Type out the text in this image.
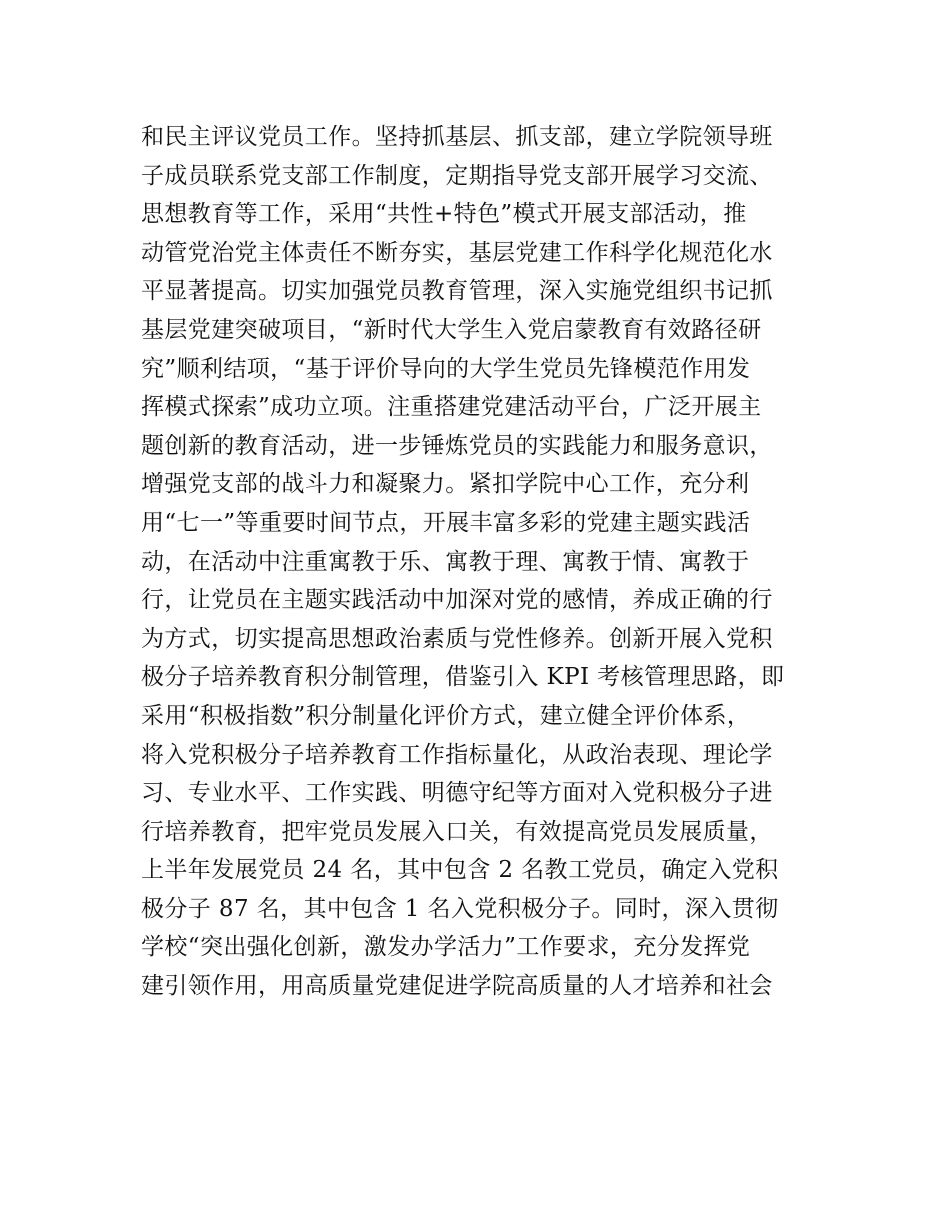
和民主评议党员工作。坚持抓基层、抓支部，建立学院领导班
子成员联系党支部工作制度，定期指导党支部开展学习交流、
思想教育等工作，采用“共性+特色”模式开展支部活动，推
动管党治党主体责任不断夯实，基层党建工作科学化规范化水
平显著提高。切实加强党员教育管理，深入实施党组织书记抓
基层党建突破项目，“新时代大学生入党启蒙教育有效路径研
究”顺利结项，“基于评价导向的大学生党员先锋模范作用发
挥模式探索”成功立项。注重搭建党建活动平台，广泛开展主
题创新的教育活动，进一步锤炼党员的实践能力和服务意识，
增强党支部的战斗力和凝聚力。紧扣学院中心工作，充分利
用“七一”等重要时间节点，开展丰富多彩的党建主题实践活
动，在活动中注重寓教于乐、寓教于理、寓教于情、寓教于
行，让党员在主题实践活动中加深对党的感情，养成正确的行
为方式，切实提高思想政治素质与党性修养。创新开展入党积
极分子培养教育积分制管理，借鉴引入 KPI 考核管理思路，即
采用“积极指数”积分制量化评价方式，建立健全评价体系，
将入党积极分子培养教育工作指标量化，从政治表现、理论学
习、专业水平、工作实践、明德守纪等方面对入党积极分子进
行培养教育，把牢党员发展入口关，有效提高党员发展质量，
上半年发展党员 24 名，其中包含 2 名教工党员，确定入党积
极分子 87 名，其中包含 1 名入党积极分子。同时，深入贯彻
学校“突出强化创新，激发办学活力”工作要求，充分发挥党
建引领作用，用高质量党建促进学院高质量的人才培养和社会
